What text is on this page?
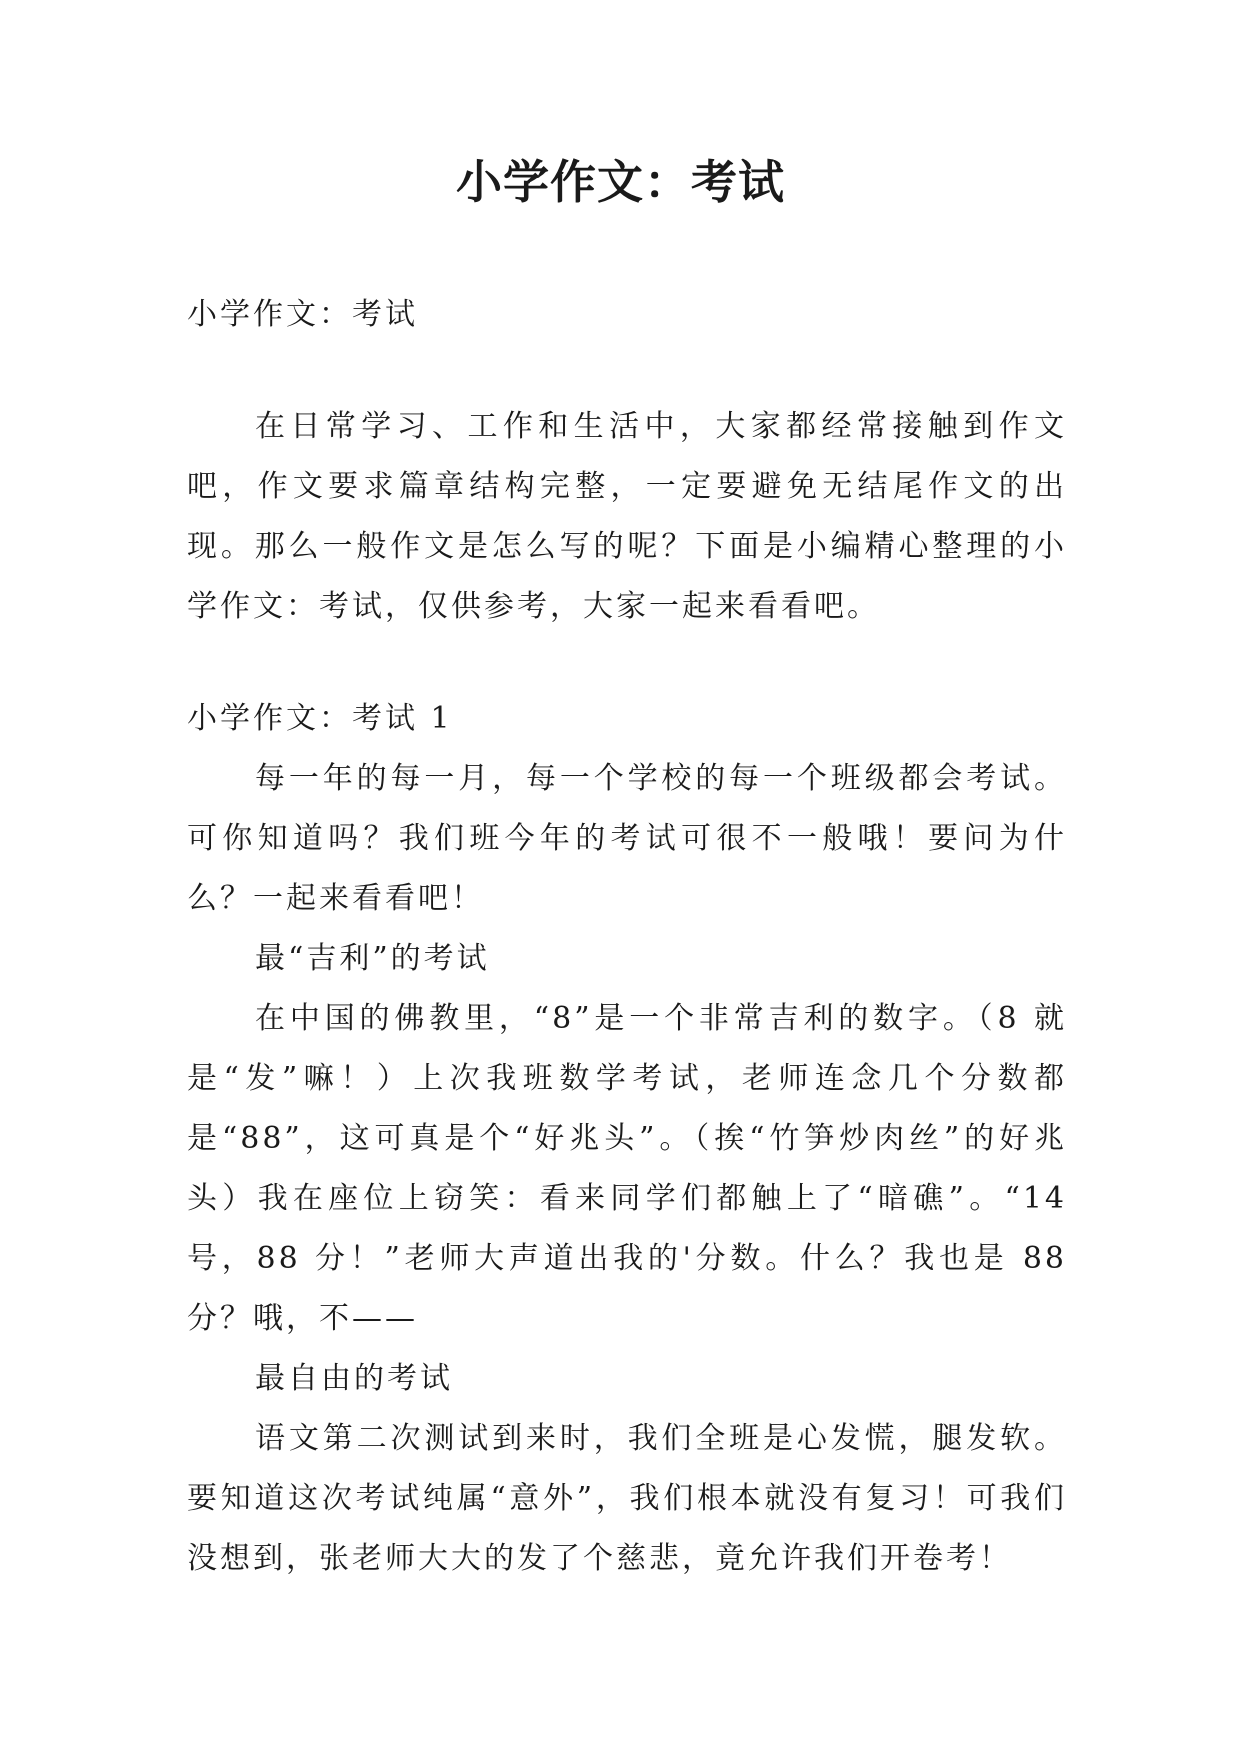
小学作文：考试

小学作文：考试

在日常学习、工作和生活中，大家都经常接触到作文吧，作文要求篇章结构完整，一定要避免无结尾作文的出现。那么一般作文是怎么写的呢？下面是小编精心整理的小学作文：考试，仅供参考，大家一起来看看吧。

小学作文：考试 1

每一年的每一月，每一个学校的每一个班级都会考试。可你知道吗？我们班今年的考试可很不一般哦！要问为什么？一起来看看吧！

最“吉利”的考试

在中国的佛教里，“8”是一个非常吉利的数字。（8 就是“发”嘛！）上次我班数学考试，老师连念几个分数都是“88”，这可真是个“好兆头”。（挨“竹笋炒肉丝”的好兆头）我在座位上窃笑：看来同学们都触上了“暗礁”。“14 号，88 分！”老师大声道出我的'分数。什么？我也是 88 分？哦，不——

最自由的考试

语文第二次测试到来时，我们全班是心发慌，腿发软。要知道这次考试纯属“意外”，我们根本就没有复习！可我们没想到，张老师大大的发了个慈悲，竟允许我们开卷考！
